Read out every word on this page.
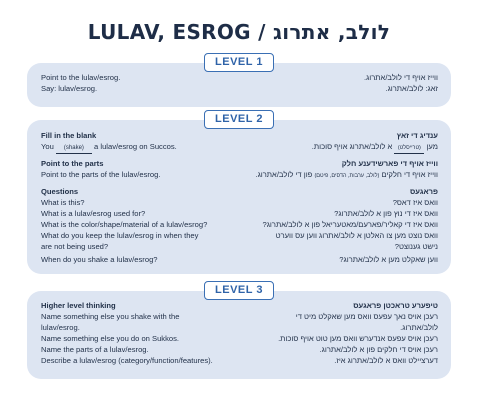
LULAV, ESROG / לולב, אתרוג
LEVEL 1
Point to the lulav/esrog.	ווייז אויף די לולב/אתרוג.
Say: lulav/esrog.	זאג: לולב/אתרוג.
LEVEL 2
Fill in the blank	ענדיג די זאץ
You (shake) a lulav/esrog on Succos.	מען (טרייסלט) א לולב/אתרוג אויף סוכות.
Point to the parts	ווייז אויף די פארשידענע חלק
Point to the parts of the lulav/esrog.	ווייז אויף די חלקים (לולב, ערבות, הדסים, פיטם) פון די לולב/אתרוג.
Questions	פראגעס
What is this?	וואס איז דאס?
What is a lulav/esrog used for?	וואס איז די נוץ פון א לולב/אתרוג?
What is the color/shape/material of a lulav/esrog?	וואס איז די קאליר/פארעם/מאטעריאל פון א לולב/אתרוג?
What do you keep the lulav/esrog in when they	וואס נוצט מען צו האלטן א לולב/אתרוג ווען עס ווערט
are not being used?	נישט גענוצט?
When do you shake a lulav/esrog?	ווען שאקלט מען א לולב/אתרוג?
LEVEL 3
Higher level thinking	טיפערע טראכטן פראגעס
Name something else you shake with the	רעכן אויס נאך עפעס וואס מען שאקלט מיט די
lulav/esrog.	לולב/אתרוג.
Name something else you do on Sukkos.	רעכן אויס עפעס אנדערש וואס מען טוט אויף סוכות.
Name the parts of a lulav/esrog.	רעכן אויס די חלקים פון א לולב/אתרוג.
Describe a lulav/esrog (category/function/features).	דערציילט וואס א לולב/אתרוג איז.
